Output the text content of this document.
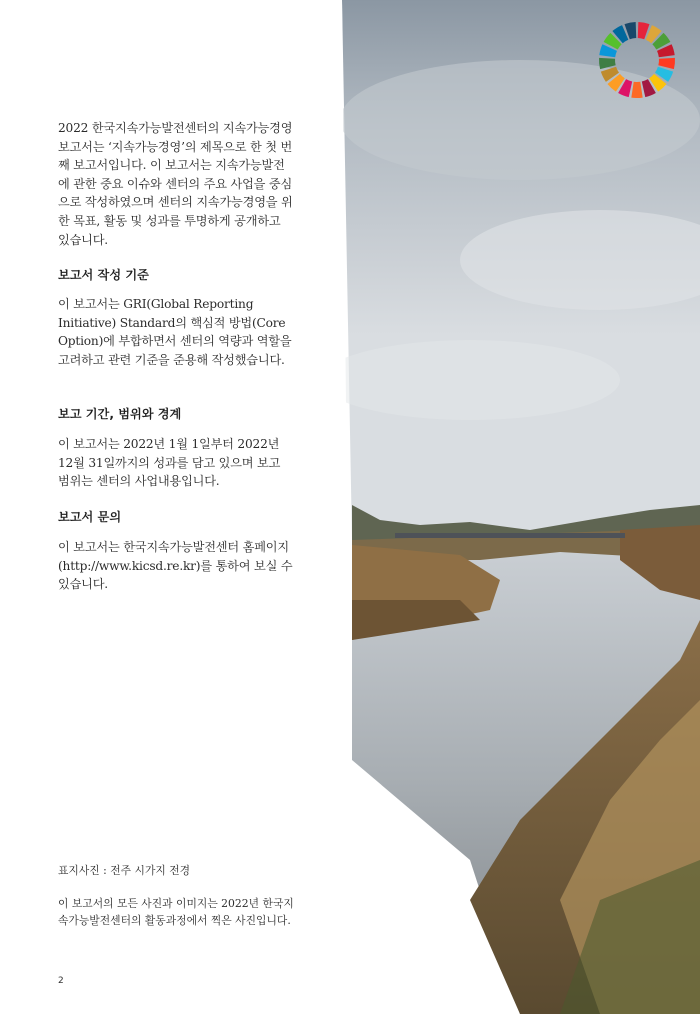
2022 한국지속가능발전센터의 지속가능경영 보고서는 ‘지속가능경영’의 제목으로 한 첫 번째 보고서입니다. 이 보고서는 지속가능발전에 관한 중요 이슈와 센터의 주요 사업을 중심으로 작성하였으며 센터의 지속가능경영을 위한 목표, 활동 및 성과를 투명하게 공개하고 있습니다.

보고서 작성 기준

이 보고서는 GRI(Global Reporting Initiative) Standard의 핵심적 방법(Core Option)에 부합하면서 센터의 역량과 역할을 고려하고 관련 기준을 준용해 작성했습니다.

보고 기간, 범위와 경계

이 보고서는 2022년 1월 1일부터 2022년 12월 31일까지의 성과를 담고 있으며 보고 범위는 센터의 사업내용입니다.

보고서 문의

이 보고서는 한국지속가능발전센터 홈페이지(http://www.kicsd.re.kr)를 통하여 보실 수 있습니다.

표지사진 : 전주 시가지 전경

이 보고서의 모든 사진과 이미지는 2022년 한국지속가능발전센터의 활동과정에서 찍은 사진입니다.

2
